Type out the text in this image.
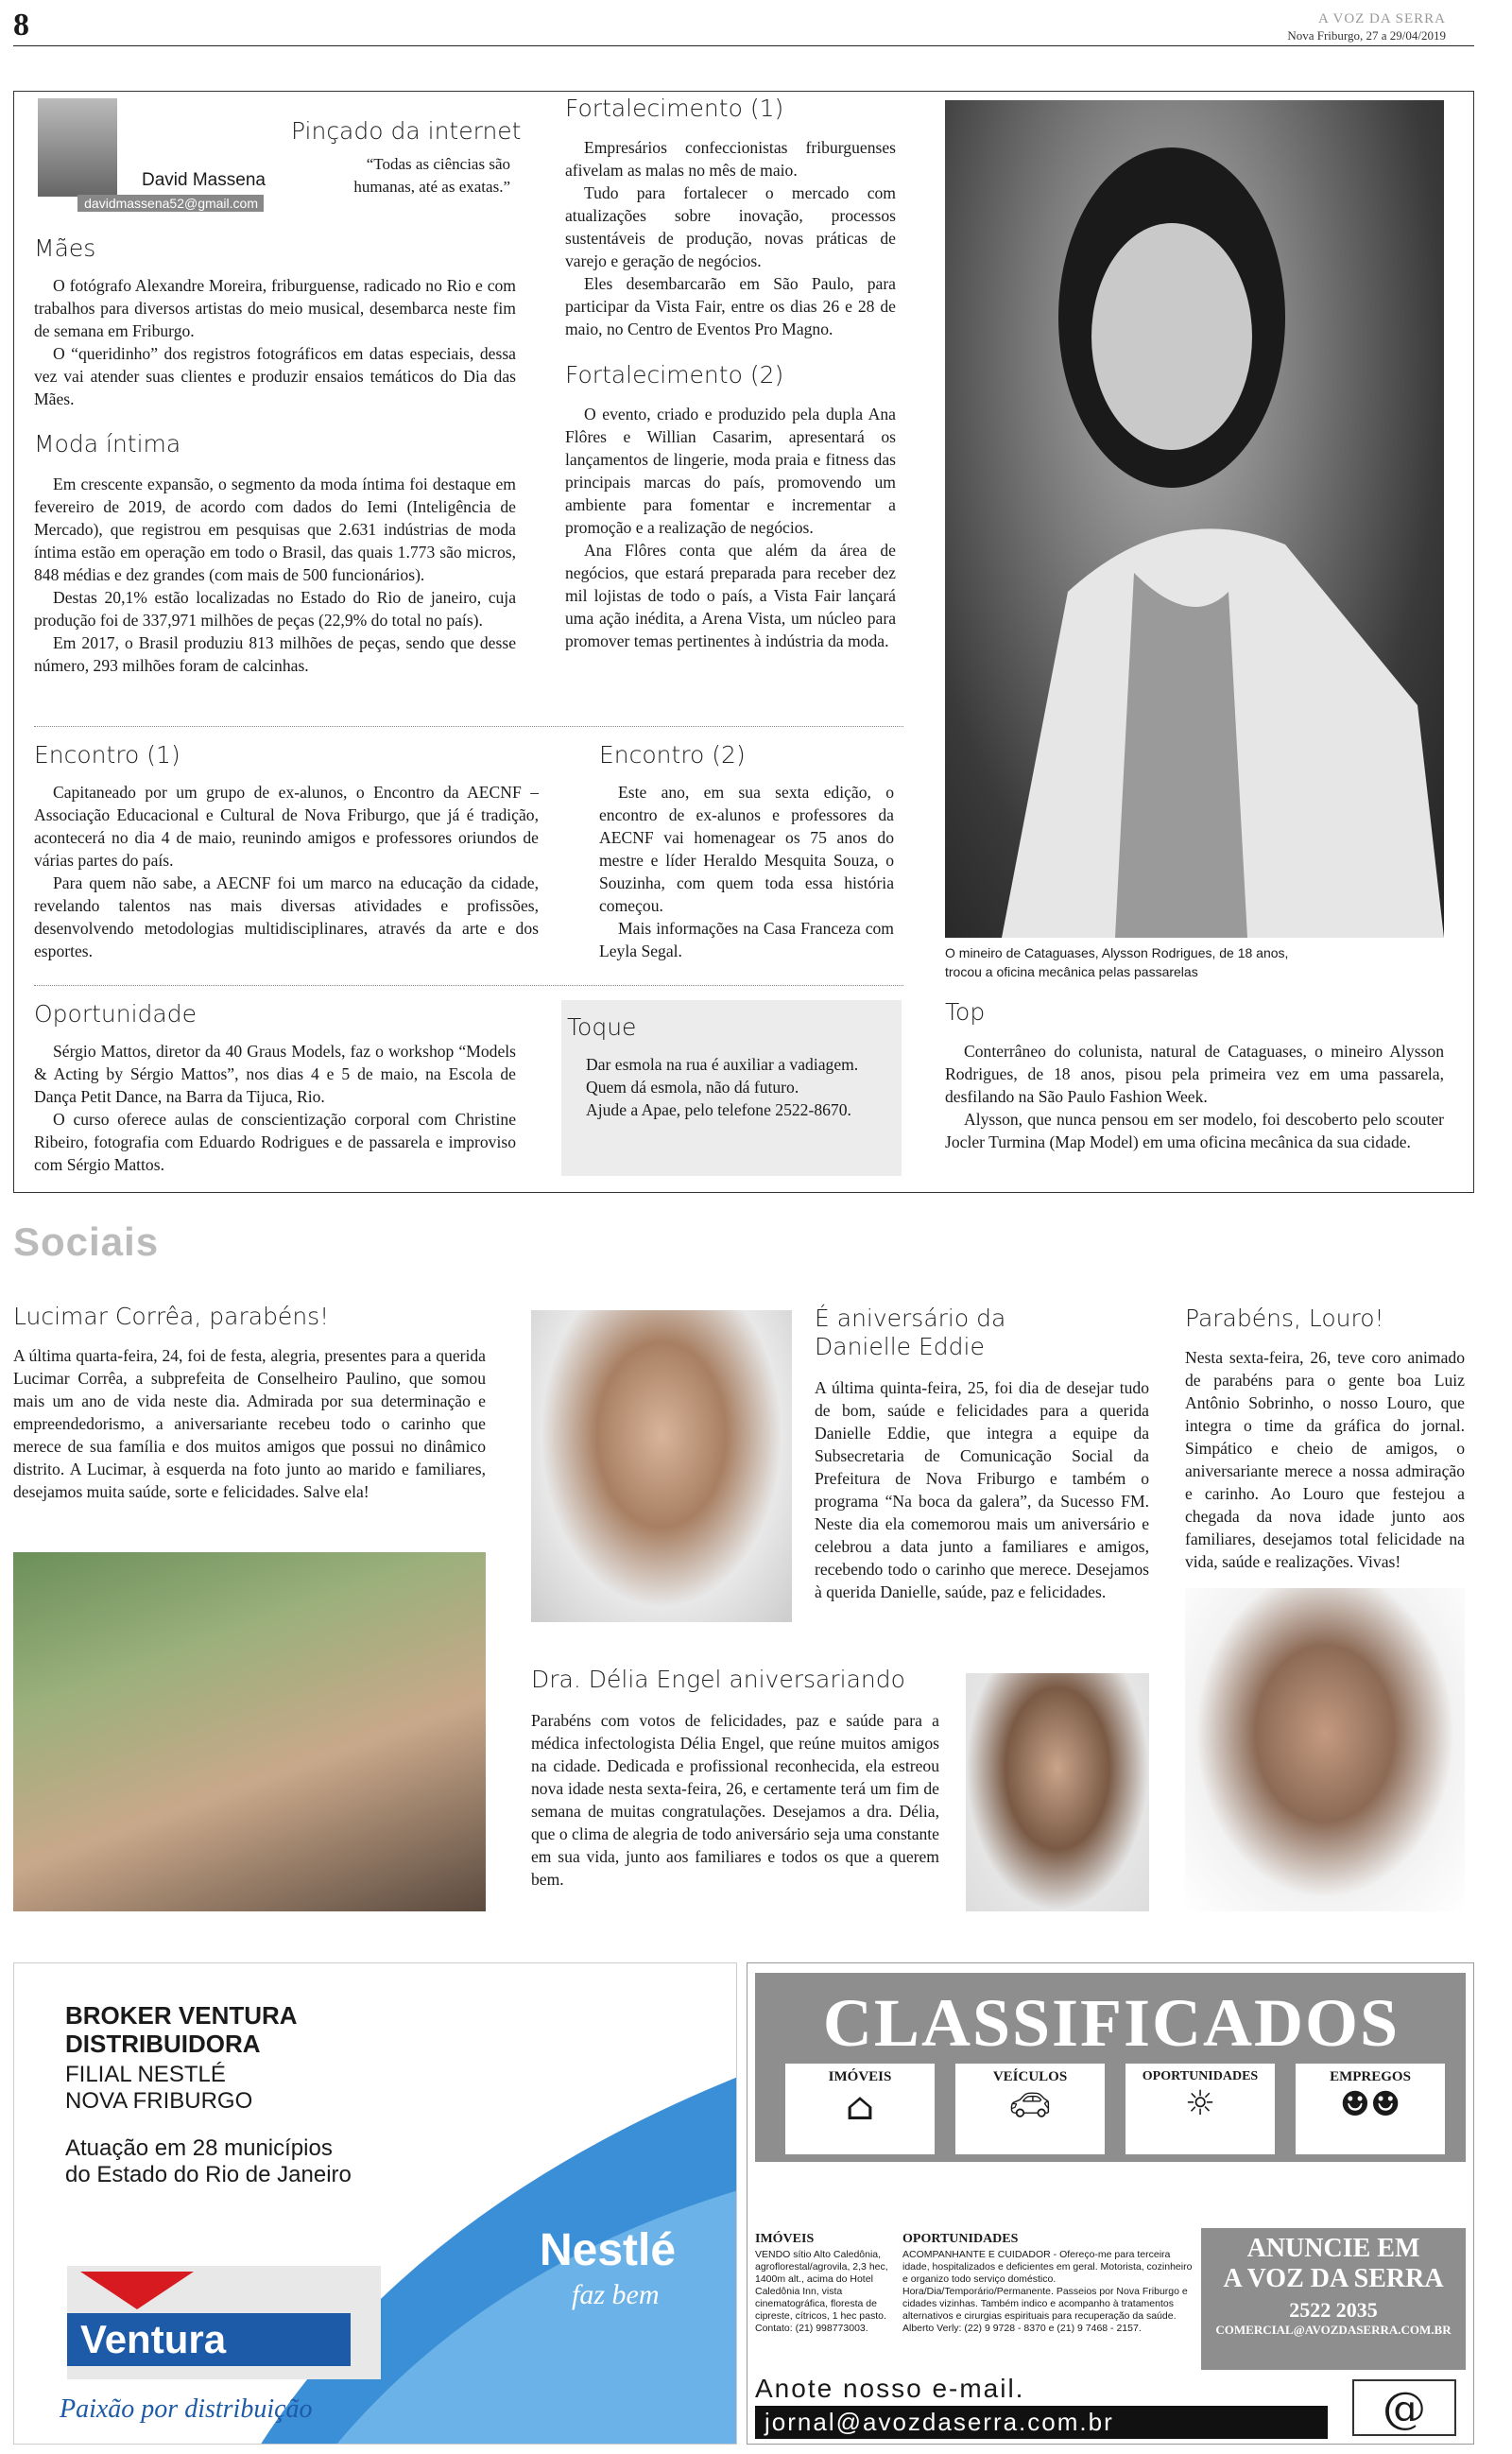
8	A VOZ DA SERRA
Nova Friburgo, 27 a 29/04/2019
David Massena
davidmassena52@gmail.com
Pinçado da internet
“Todas as ciências são humanas, até as exatas.”
Mães

O fotógrafo Alexandre Moreira, friburguense, radicado no Rio e com trabalhos para diversos artistas do meio musical, desembarca neste fim de semana em Friburgo.

O “queridinho” dos registros fotográficos em datas especiais, dessa vez vai atender suas clientes e produzir ensaios temáticos do Dia das Mães.

Moda íntima

Em crescente expansão, o segmento da moda íntima foi destaque em fevereiro de 2019, de acordo com dados do Iemi (Inteligência de Mercado), que registrou em pesquisas que 2.631 indústrias de moda íntima estão em operação em todo o Brasil, das quais 1.773 são micros, 848 médias e dez grandes (com mais de 500 funcionários).

Destas 20,1% estão localizadas no Estado do Rio de janeiro, cuja produção foi de 337,971 milhões de peças (22,9% do total no país).

Em 2017, o Brasil produziu 813 milhões de peças, sendo que desse número, 293 milhões foram de calcinhas.

Fortalecimento (1)

Empresários confeccionistas friburguenses afivelam as malas no mês de maio.

Tudo para fortalecer o mercado com atualizações sobre inovação, processos sustentáveis de produção, novas práticas de varejo e geração de negócios.

Eles desembarcarão em São Paulo, para participar da Vista Fair, entre os dias 26 e 28 de maio, no Centro de Eventos Pro Magno.

Fortalecimento (2)

O evento, criado e produzido pela dupla Ana Flôres e Willian Casarim, apresentará os lançamentos de lingerie, moda praia e fitness das principais marcas do país, promovendo um ambiente para fomentar e incrementar a promoção e a realização de negócios.

Ana Flôres conta que além da área de negócios, que estará preparada para receber dez mil lojistas de todo o país, a Vista Fair lançará uma ação inédita, a Arena Vista, um núcleo para promover temas pertinentes à indústria da moda.

O mineiro de Cataguases, Alysson Rodrigues, de 18 anos, trocou a oficina mecânica pelas passarelas
Encontro (1)

Capitaneado por um grupo de ex-alunos, o Encontro da AECNF – Associação Educacional e Cultural de Nova Friburgo, que já é tradição, acontecerá no dia 4 de maio, reunindo amigos e professores oriundos de várias partes do país.

Para quem não sabe, a AECNF foi um marco na educação da cidade, revelando talentos nas mais diversas atividades e profissões, desenvolvendo metodologias multidisciplinares, através da arte e dos esportes.

Encontro (2)

Este ano, em sua sexta edição, o encontro de ex-alunos e professores da AECNF vai homenagear os 75 anos do mestre e líder Heraldo Mesquita Souza, o Souzinha, com quem toda essa história começou.

Mais informações na Casa Franceza com Leyla Segal.

Oportunidade

Sérgio Mattos, diretor da 40 Graus Models, faz o workshop “Models & Acting by Sérgio Mattos”, nos dias 4 e 5 de maio, na Escola de Dança Petit Dance, na Barra da Tijuca, Rio.

O curso oferece aulas de conscientização corporal com Christine Ribeiro, fotografia com Eduardo Rodrigues e de passarela e improviso com Sérgio Mattos.

Toque

Dar esmola na rua é auxiliar a vadiagem.

Quem dá esmola, não dá futuro.

Ajude a Apae, pelo telefone 2522-8670.

Top

Conterrâneo do colunista, natural de Cataguases, o mineiro Alysson Rodrigues, de 18 anos, pisou pela primeira vez em uma passarela, desfilando na São Paulo Fashion Week.

Alysson, que nunca pensou em ser modelo, foi descoberto pelo scouter Jocler Turmina (Map Model) em uma oficina mecânica da sua cidade.

Sociais
Lucimar Corrêa, parabéns!
A última quarta-feira, 24, foi de festa, alegria, presentes para a querida Lucimar Corrêa, a subprefeita de Conselheiro Paulino, que somou mais um ano de vida neste dia. Admirada por sua determinação e empreendedorismo, a aniversariante recebeu todo o carinho que merece de sua família e dos muitos amigos que possui no dinâmico distrito. A Lucimar, à esquerda na foto junto ao marido e familiares, desejamos muita saúde, sorte e felicidades. Salve ela!
É aniversário da
Danielle Eddie
A última quinta-feira, 25, foi dia de desejar tudo de bom, saúde e felicidades para a querida Danielle Eddie, que integra a equipe da Subsecretaria de Comunicação Social da Prefeitura de Nova Friburgo e também o programa “Na boca da galera”, da Sucesso FM. Neste dia ela comemorou mais um aniversário e celebrou a data junto a familiares e amigos, recebendo todo o carinho que merece. Desejamos à querida Danielle, saúde, paz e felicidades.
Parabéns, Louro!
Nesta sexta-feira, 26, teve coro animado de parabéns para o gente boa Luiz Antônio Sobrinho, o nosso Louro, que integra o time da gráfica do jornal. Simpático e cheio de amigos, o aniversariante merece a nossa admiração e carinho. Ao Louro que festejou a chegada da nova idade junto aos familiares, desejamos total felicidade na vida, saúde e realizações. Vivas!
Dra. Délia Engel aniversariando
Parabéns com votos de felicidades, paz e saúde para a médica infectologista Délia Engel, que reúne muitos amigos na cidade. Dedicada e profissional reconhecida, ela estreou nova idade nesta sexta-feira, 26, e certamente terá um fim de semana de muitas congratulações. Desejamos a dra. Délia, que o clima de alegria de todo aniversário seja uma constante em sua vida, junto aos familiares e todos os que a querem bem.
BROKER VENTURA
DISTRIBUIDORA
FILIAL NESTLÉ
NOVA FRIBURGO
Atuação em 28 municípios
do Estado do Rio de Janeiro
Ventura
Paixão por distribuição
Nestlé
faz bem
CLASSIFICADOS
IMÓVEIS
⌂
VEÍCULOS
🚗︎
OPORTUNIDADES
☼
EMPREGOS
☻☻
IMÓVEIS
VENDO sítio Alto Caledônia, agroflorestal/agrovila, 2,3 hec, 1400m alt., acima do Hotel Caledônia Inn, vista cinematográfica, floresta de cipreste, cítricos, 1 hec pasto. Contato: (21) 998773003.
OPORTUNIDADES
ACOMPANHANTE E CUIDADOR - Ofereço-me para terceira idade, hospitalizados e deficientes em geral. Motorista, cozinheiro e organizo todo serviço doméstico. Hora/Dia/Temporário/Permanente. Passeios por Nova Friburgo e cidades vizinhas. Também indico e acompanho à tratamentos alternativos e cirurgias espirituais para recuperação da saúde. Alberto Verly: (22) 9 9728 - 8370 e (21) 9 7468 - 2157.
ANUNCIE EM
A VOZ DA SERRA
2522 2035
COMERCIAL@AVOZDASERRA.COM.BR
Anote nosso e-mail.
jornal@avozdaserra.com.br	@
